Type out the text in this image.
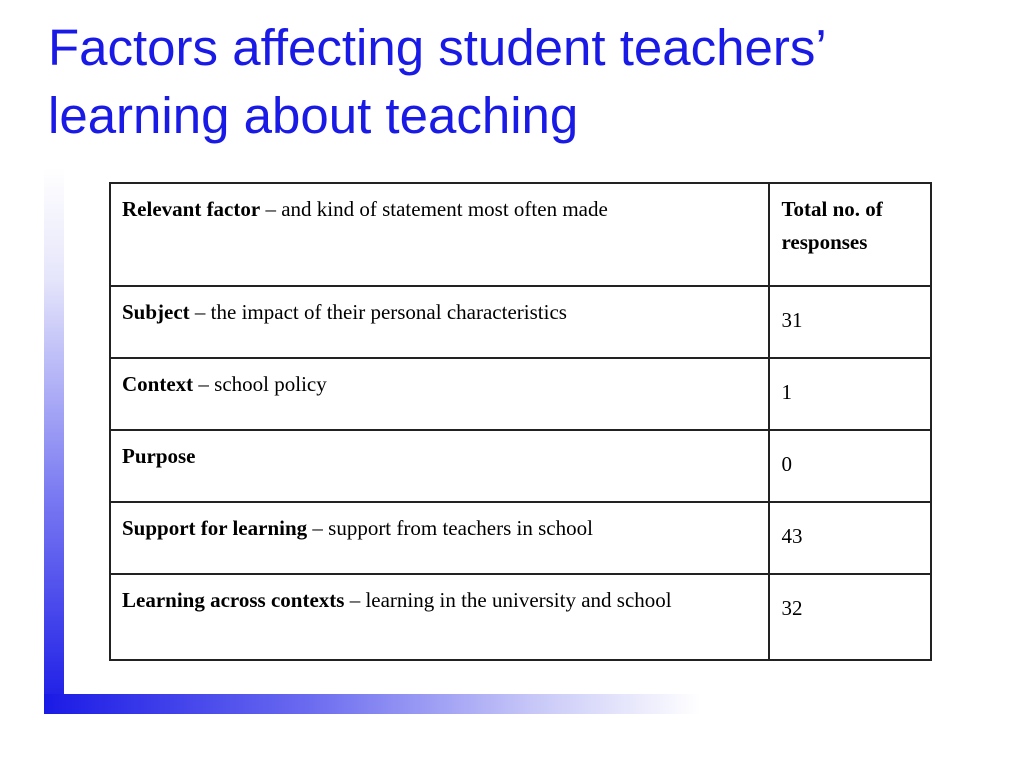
Factors affecting student teachers’
learning about teaching
Relevant factor – and kind of statement most often made	Total no. of responses
Subject – the impact of their personal characteristics	31
Context – school policy	1
Purpose	0
Support for learning – support from teachers in school	43
Learning across contexts – learning in the university and school	32
